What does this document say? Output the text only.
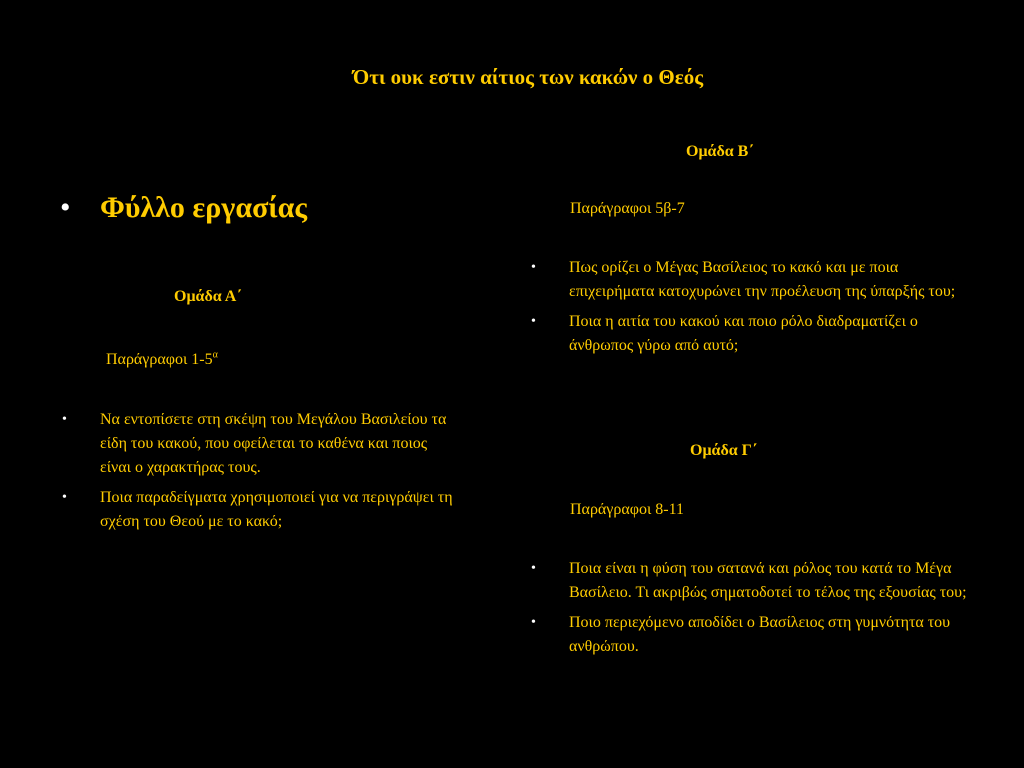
Ότι ουκ εστιν αίτιος των κακών ο Θεός
• Φύλλο εργασίας
Ομάδα Α΄
Παράγραφοι $1-5^\alpha$
• Να εντοπίσετε στη σκέψη του Μεγάλου Βασιλείου τα είδη του κακού, που οφείλεται το καθένα και ποιος είναι ο χαρακτήρας τους.
• Ποια παραδείγματα χρησιμοποιεί για να περιγράψει τη σχέση του Θεού με το κακό;
Ομάδα Β΄
Παράγραφοι 5β-7
• Πως ορίζει ο Μέγας Βασίλειος το κακό και με ποια επιχειρήματα κατοχυρώνει την προέλευση της ύπαρξής του;
• Ποια η αιτία του κακού και ποιο ρόλο διαδραματίζει ο άνθρωπος γύρω από αυτό;
Ομάδα Γ΄
Παράγραφοι 8-11
• Ποια είναι η φύση του σατανά και ρόλος του κατά το Μέγα Βασίλειο. Τι ακριβώς σηματοδοτεί το τέλος της εξουσίας του;
• Ποιο περιεχόμενο αποδίδει ο Βασίλειος στη γυμνότητα του ανθρώπου.
